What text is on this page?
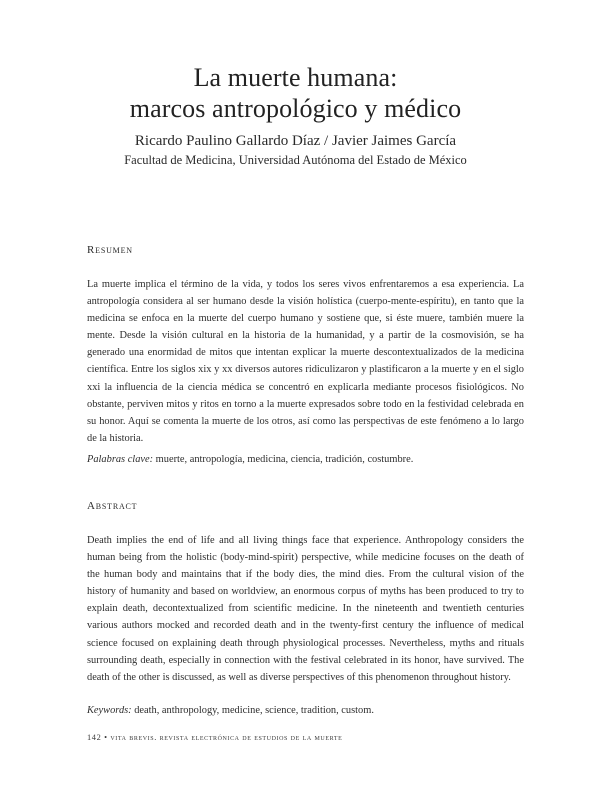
La muerte humana:
marcos antropológico y médico
Ricardo Paulino Gallardo Díaz / Javier Jaimes García
Facultad de Medicina, Universidad Autónoma del Estado de México
Resumen
La muerte implica el término de la vida, y todos los seres vivos enfrentaremos a esa experiencia. La antropología considera al ser humano desde la visión holística (cuerpo-mente-espíritu), en tanto que la medicina se enfoca en la muerte del cuerpo humano y sostiene que, si éste muere, también muere la mente. Desde la visión cultural en la historia de la humanidad, y a partir de la cosmovisión, se ha generado una enormidad de mitos que intentan explicar la muerte descontextualizados de la medicina científica. Entre los siglos xix y xx diversos autores ridiculizaron y plastificaron a la muerte y en el siglo xxi la influencia de la ciencia médica se concentró en explicarla mediante procesos fisiológicos. No obstante, perviven mitos y ritos en torno a la muerte expresados sobre todo en la festividad celebrada en su honor. Aquí se comenta la muerte de los otros, así como las perspectivas de este fenómeno a lo largo de la historia.
Palabras clave: muerte, antropología, medicina, ciencia, tradición, costumbre.
Abstract
Death implies the end of life and all living things face that experience. Anthropology considers the human being from the holistic (body-mind-spirit) perspective, while medicine focuses on the death of the human body and maintains that if the body dies, the mind dies. From the cultural vision of the history of humanity and based on worldview, an enormous corpus of myths has been produced to try to explain death, decontextualized from scientific medicine. In the nineteenth and twentieth centuries various authors mocked and recorded death and in the twenty-first century the influence of medical science focused on explaining death through physiological processes. Nevertheless, myths and rituals surrounding death, especially in connection with the festival celebrated in its honor, have survived. The death of the other is discussed, as well as diverse perspectives of this phenomenon throughout history.
Keywords: death, anthropology, medicine, science, tradition, custom.
142 • vita brevis. revista electrónica de estudios de la muerte
